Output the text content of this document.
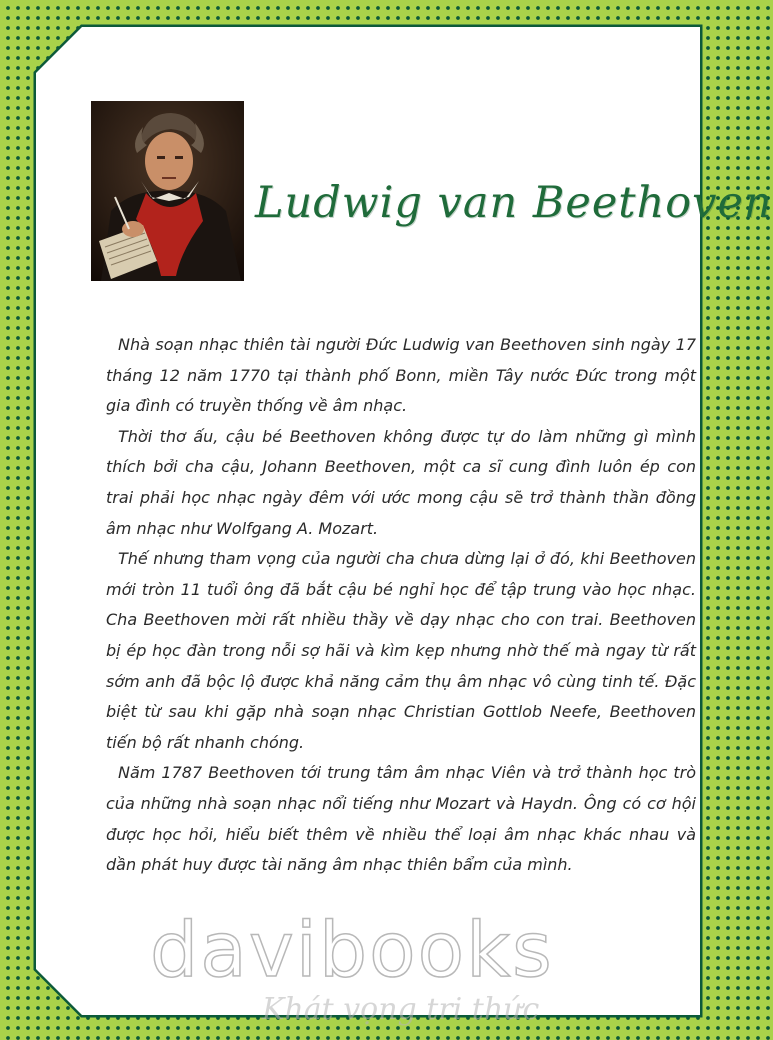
Ludwig van Beethoven

Nhà soạn nhạc thiên tài người Đức Ludwig van Beethoven sinh ngày 17 tháng 12 năm 1770 tại thành phố Bonn, miền Tây nước Đức trong một gia đình có truyền thống về âm nhạc.

Thời thơ ấu, cậu bé Beethoven không được tự do làm những gì mình thích bởi cha cậu, Johann Beethoven, một ca sĩ cung đình luôn ép con trai phải học nhạc ngày đêm với ước mong cậu sẽ trở thành thần đồng âm nhạc như Wolfgang A. Mozart.

Thế nhưng tham vọng của người cha chưa dừng lại ở đó, khi Beethoven mới tròn 11 tuổi ông đã bắt cậu bé nghỉ học để tập trung vào học nhạc. Cha Beethoven mời rất nhiều thầy về dạy nhạc cho con trai. Beethoven bị ép học đàn trong nỗi sợ hãi và kìm kẹp nhưng nhờ thế mà ngay từ rất sớm anh đã bộc lộ được khả năng cảm thụ âm nhạc vô cùng tinh tế. Đặc biệt từ sau khi gặp nhà soạn nhạc Christian Gottlob Neefe, Beethoven tiến bộ rất nhanh chóng.

Năm 1787 Beethoven tới trung tâm âm nhạc Viên và trở thành học trò của những nhà soạn nhạc nổi tiếng như Mozart và Haydn. Ông có cơ hội được học hỏi, hiểu biết thêm về nhiều thể loại âm nhạc khác nhau và dần phát huy được tài năng âm nhạc thiên bẩm của mình.

davibooks
Khát vọng tri thức
